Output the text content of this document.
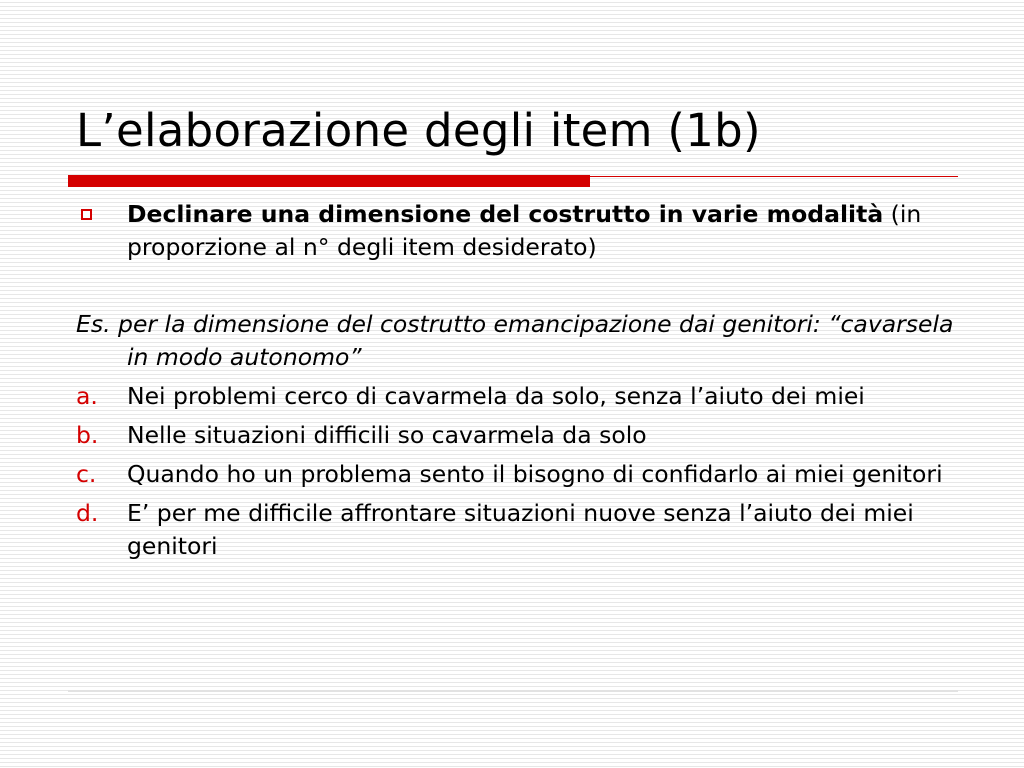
L’elaborazione degli item (1b)
Declinare una dimensione del costrutto in varie modalità (in proporzione al n° degli item desiderato)
Es. per la dimensione del costrutto emancipazione dai genitori: “cavarsela in modo autonomo”
a. Nei problemi cerco di cavarmela da solo, senza l’aiuto dei miei
b. Nelle situazioni difficili so cavarmela da solo
c. Quando ho un problema sento il bisogno di confidarlo ai miei genitori
d. E’ per me difficile affrontare situazioni nuove senza l’aiuto dei miei genitori
